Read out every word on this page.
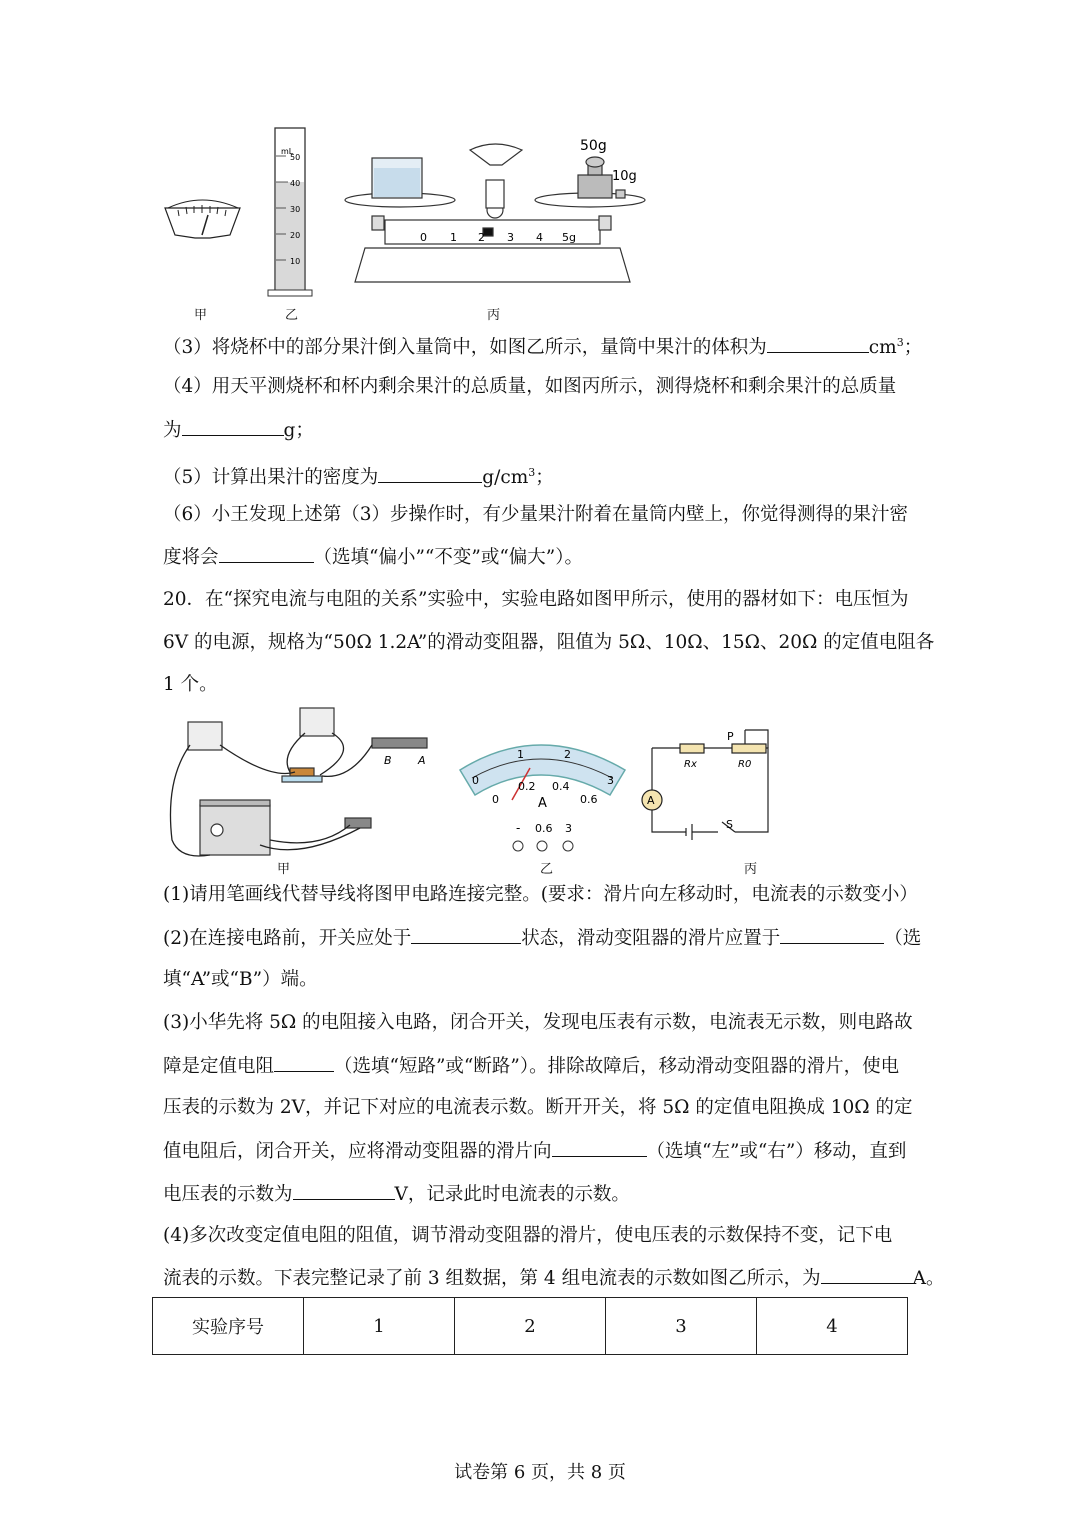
mL
50
40
30
20
10
50g
10g
0 1 2 3 4 5g
甲	乙	丙
（3）将烧杯中的部分果汁倒入量筒中，如图乙所示，量筒中果汁的体积为	$cm^3$；
（4）用天平测烧杯和杯内剩余果汁的总质量，如图丙所示，测得烧杯和剩余果汁的总质量
为	g；
（5）计算出果汁的密度为	$g/cm^3$；
（6）小王发现上述第（3）步操作时，有少量果汁附着在量筒内壁上，你觉得测得的果汁密
度将会	（选填“偏小”“不变”或“偏大”）。
20．在“探究电流与电阻的关系”实验中，实验电路如图甲所示，使用的器材如下：电压恒为
6V 的电源，规格为“50Ω 1.2A”的滑动变阻器，阻值为 5Ω、10Ω、15Ω、20Ω 的定值电阻各
1 个。
B A
0
1	2
3
0
0.2 0.4
0.6
A
- 0.6 3
A
P
Rx	R0
S
甲	乙	丙
(1)请用笔画线代替导线将图甲电路连接完整。(要求：滑片向左移动时，电流表的示数变小）
(2)在连接电路前，开关应处于	状态，滑动变阻器的滑片应置于	（选
填“A”或“B”）端。
(3)小华先将 5Ω 的电阻接入电路，闭合开关，发现电压表有示数，电流表无示数，则电路故
障是定值电阻	（选填“短路”或“断路”）。排除故障后，移动滑动变阻器的滑片，使电
压表的示数为 2V，并记下对应的电流表示数。断开开关，将 5Ω 的定值电阻换成 10Ω 的定
值电阻后，闭合开关，应将滑动变阻器的滑片向	（选填“左”或“右”）移动，直到
电压表的示数为	V，记录此时电流表的示数。
(4)多次改变定值电阻的阻值，调节滑动变阻器的滑片，使电压表的示数保持不变，记下电
流表的示数。下表完整记录了前 3 组数据，第 4 组电流表的示数如图乙所示，为	A。
实验序号	1	2	3	4
试卷第 6 页，共 8 页
